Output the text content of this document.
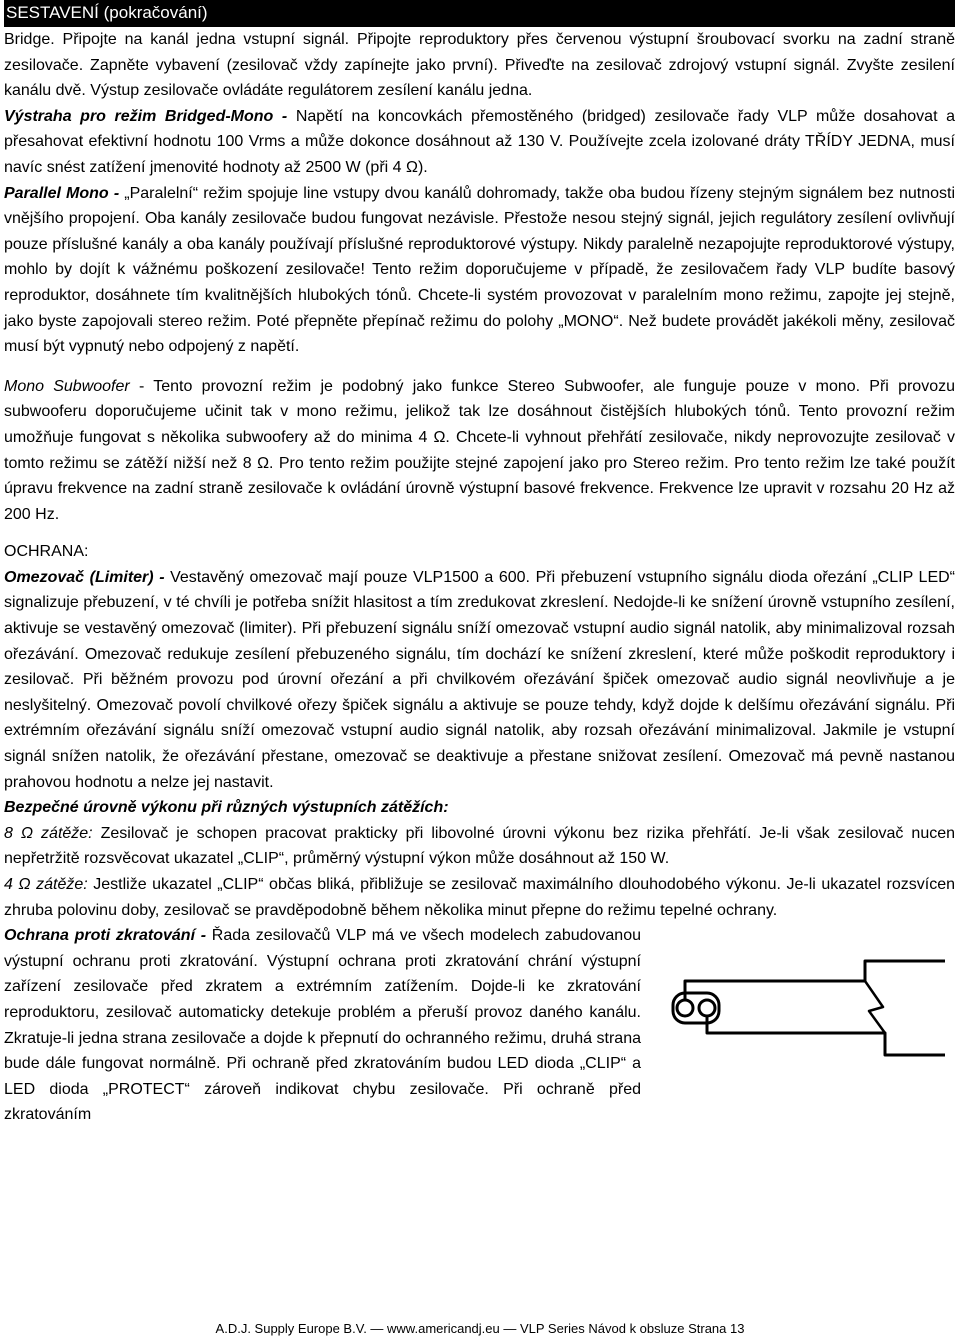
SESTAVENÍ (pokračování)

Bridge. Připojte na kanál jedna vstupní signál. Připojte reproduktory přes červenou výstupní šroubovací svorku na zadní straně zesilovače. Zapněte vybavení (zesilovač vždy zapínejte jako první). Přiveďte na zesilovač zdrojový vstupní signál. Zvyšte zesilení kanálu dvě. Výstup zesilovače ovládáte regulátorem zesílení kanálu jedna.

Výstraha pro režim Bridged-Mono - Napětí na koncovkách přemostěného (bridged) zesilovače řady VLP může dosahovat a přesahovat efektivní hodnotu 100 Vrms a může dokonce dosáhnout až 130 V. Používejte zcela izolované dráty TŘÍDY JEDNA, musí navíc snést zatížení jmenovité hodnoty až 2500 W (při 4 Ω).

Parallel Mono - „Paralelní“ režim spojuje line vstupy dvou kanálů dohromady, takže oba budou řízeny stejným signálem bez nutnosti vnějšího propojení. Oba kanály zesilovače budou fungovat nezávisle. Přestože nesou stejný signál, jejich regulátory zesílení ovlivňují pouze příslušné kanály a oba kanály používají příslušné reproduktorové výstupy. Nikdy paralelně nezapojujte reproduktorové výstupy, mohlo by dojít k vážnému poškození zesilovače! Tento režim doporučujeme v případě, že zesilovačem řady VLP budíte basový reproduktor, dosáhnete tím kvalitnějších hlubokých tónů. Chcete-li systém provozovat v paralelním mono režimu, zapojte jej stejně, jako byste zapojovali stereo režim. Poté přepněte přepínač režimu do polohy „MONO“. Než budete provádět jakékoli měny, zesilovač musí být vypnutý nebo odpojený z napětí.

Mono Subwoofer - Tento provozní režim je podobný jako funkce Stereo Subwoofer, ale funguje pouze v mono. Při provozu subwooferu doporučujeme učinit tak v mono režimu, jelikož tak lze dosáhnout čistějších hlubokých tónů. Tento provozní režim umožňuje fungovat s několika subwoofery až do minima 4 Ω. Chcete-li vyhnout přehřátí zesilovače, nikdy neprovozujte zesilovač v tomto režimu se zátěží nižší než 8 Ω. Pro tento režim použijte stejné zapojení jako pro Stereo režim. Pro tento režim lze také použít úpravu frekvence na zadní straně zesilovače k ovládání úrovně výstupní basové frekvence. Frekvence lze upravit v rozsahu 20 Hz až 200 Hz.

OCHRANA:

Omezovač (Limiter) - Vestavěný omezovač mají pouze VLP1500 a 600. Při přebuzení vstupního signálu dioda ořezání „CLIP LED“ signalizuje přebuzení, v té chvíli je potřeba snížit hlasitost a tím zredukovat zkreslení. Nedojde-li ke snížení úrovně vstupního zesílení, aktivuje se vestavěný omezovač (limiter). Při přebuzení signálu sníží omezovač vstupní audio signál natolik, aby minimalizoval rozsah ořezávání. Omezovač redukuje zesílení přebuzeného signálu, tím dochází ke snížení zkreslení, které může poškodit reproduktory i zesilovač. Při běžném provozu pod úrovní ořezání a při chvilkovém ořezávání špiček omezovač audio signál neovlivňuje a je neslyšitelný. Omezovač povolí chvilkové ořezy špiček signálu a aktivuje se pouze tehdy, když dojde k delšímu ořezávání signálu. Při extrémním ořezávání signálu sníží omezovač vstupní audio signál natolik, aby rozsah ořezávání minimalizoval. Jakmile je vstupní signál snížen natolik, že ořezávání přestane, omezovač se deaktivuje a přestane snižovat zesílení. Omezovač má pevně nastanou prahovou hodnotu a nelze jej nastavit.

Bezpečné úrovně výkonu při různých výstupních zátěžích:

8 Ω zátěže: Zesilovač je schopen pracovat prakticky při libovolné úrovni výkonu bez rizika přehřátí. Je-li však zesilovač nucen nepřetržitě rozsvěcovat ukazatel „CLIP“, průměrný výstupní výkon může dosáhnout až 150 W.

4 Ω zátěže: Jestliže ukazatel „CLIP“ občas bliká, přibližuje se zesilovač maximálního dlouhodobého výkonu. Je-li ukazatel rozsvícen zhruba polovinu doby, zesilovač se pravděpodobně během několika minut přepne do režimu tepelné ochrany.

Ochrana proti zkratování - Řada zesilovačů VLP má ve všech modelech zabudovanou výstupní ochranu proti zkratování. Výstupní ochrana proti zkratování chrání výstupní zařízení zesilovače před zkratem a extrémním zatížením. Dojde-li ke zkratování reproduktoru, zesilovač automaticky detekuje problém a přeruší provoz daného kanálu. Zkratuje-li jedna strana zesilovače a dojde k přepnutí do ochranného režimu, druhá strana bude dále fungovat normálně. Při ochraně před zkratováním budou LED dioda „CLIP“ a LED dioda „PROTECT“ zároveň indikovat chybu zesilovače. Při ochraně před zkratováním

A.D.J. Supply Europe B.V. — www.americandj.eu — VLP Series Návod k obsluze Strana 13
